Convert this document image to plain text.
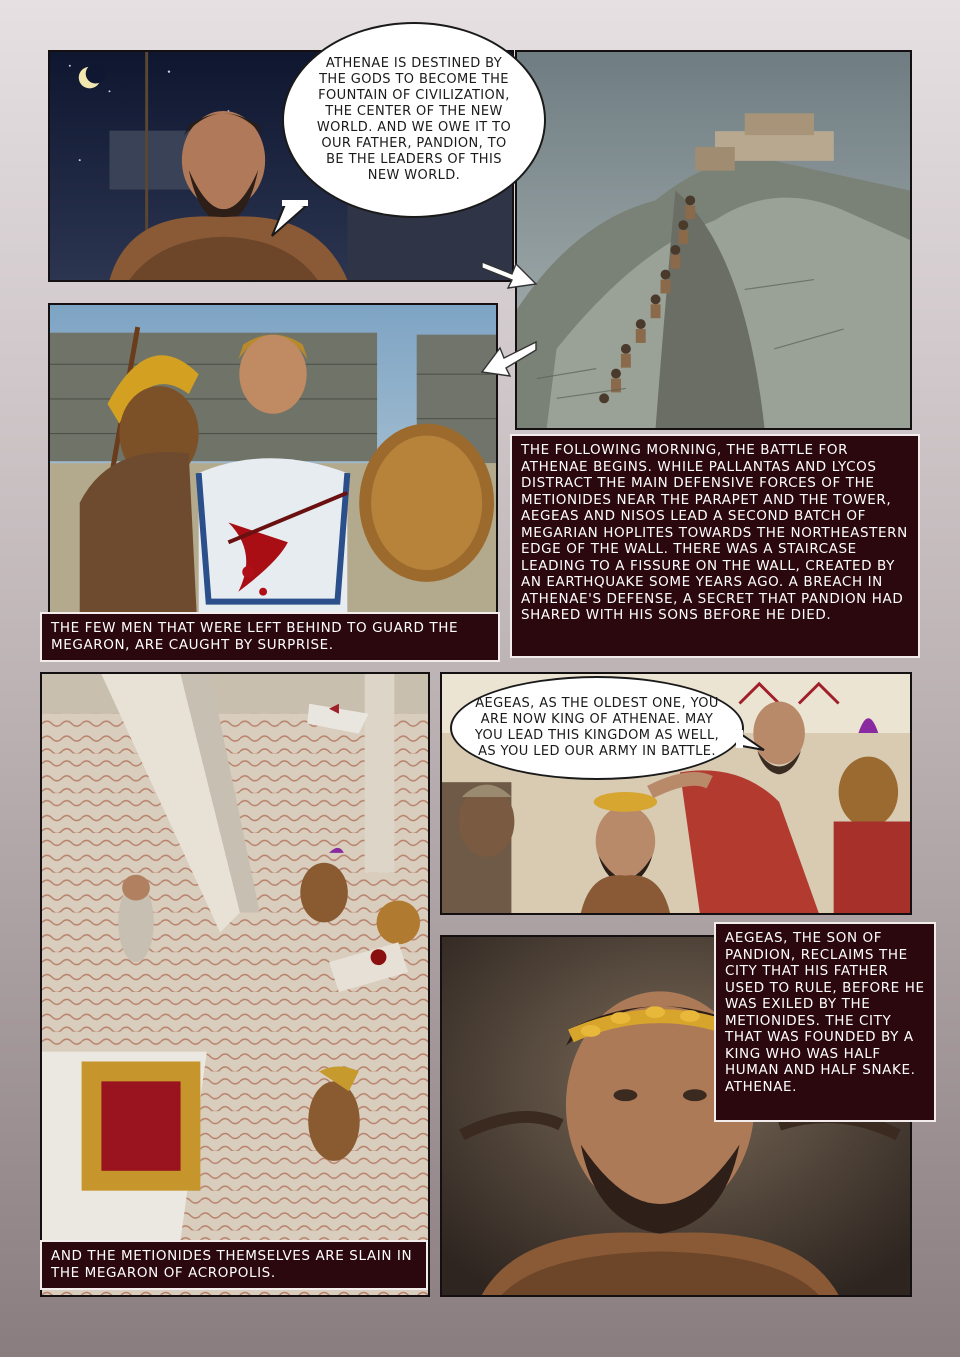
ATHENAE IS DESTINED BY THE GODS TO BECOME THE FOUNTAIN OF CIVILIZATION, THE CENTER OF THE NEW WORLD. AND WE OWE IT TO OUR FATHER, PANDION, TO BE THE LEADERS OF THIS NEW WORLD.
AEGEAS, AS THE OLDEST ONE, YOU ARE NOW KING OF ATHENAE. MAY YOU LEAD THIS KINGDOM AS WELL, AS YOU LED OUR ARMY IN BATTLE.
THE FEW MEN THAT WERE LEFT BEHIND TO GUARD THE MEGARON, ARE CAUGHT BY SURPRISE.
THE FOLLOWING MORNING, THE BATTLE FOR ATHENAE BEGINS. WHILE PALLANTAS AND LYCOS DISTRACT THE MAIN DEFENSIVE FORCES OF THE METIONIDES NEAR THE PARAPET AND THE TOWER, AEGEAS AND NISOS LEAD A SECOND BATCH OF MEGARIAN HOPLITES TOWARDS THE NORTHEASTERN EDGE OF THE WALL. THERE WAS A STAIRCASE LEADING TO A FISSURE ON THE WALL, CREATED BY AN EARTHQUAKE SOME YEARS AGO. A BREACH IN ATHENAE'S DEFENSE, A SECRET THAT PANDION HAD SHARED WITH HIS SONS BEFORE HE DIED.
AND THE METIONIDES THEMSELVES ARE SLAIN IN THE MEGARON OF ACROPOLIS.
AEGEAS, THE SON OF PANDION, RECLAIMS THE CITY THAT HIS FATHER USED TO RULE, BEFORE HE WAS EXILED BY THE METIONIDES. THE CITY THAT WAS FOUNDED BY A KING WHO WAS HALF HUMAN AND HALF SNAKE. ATHENAE.
